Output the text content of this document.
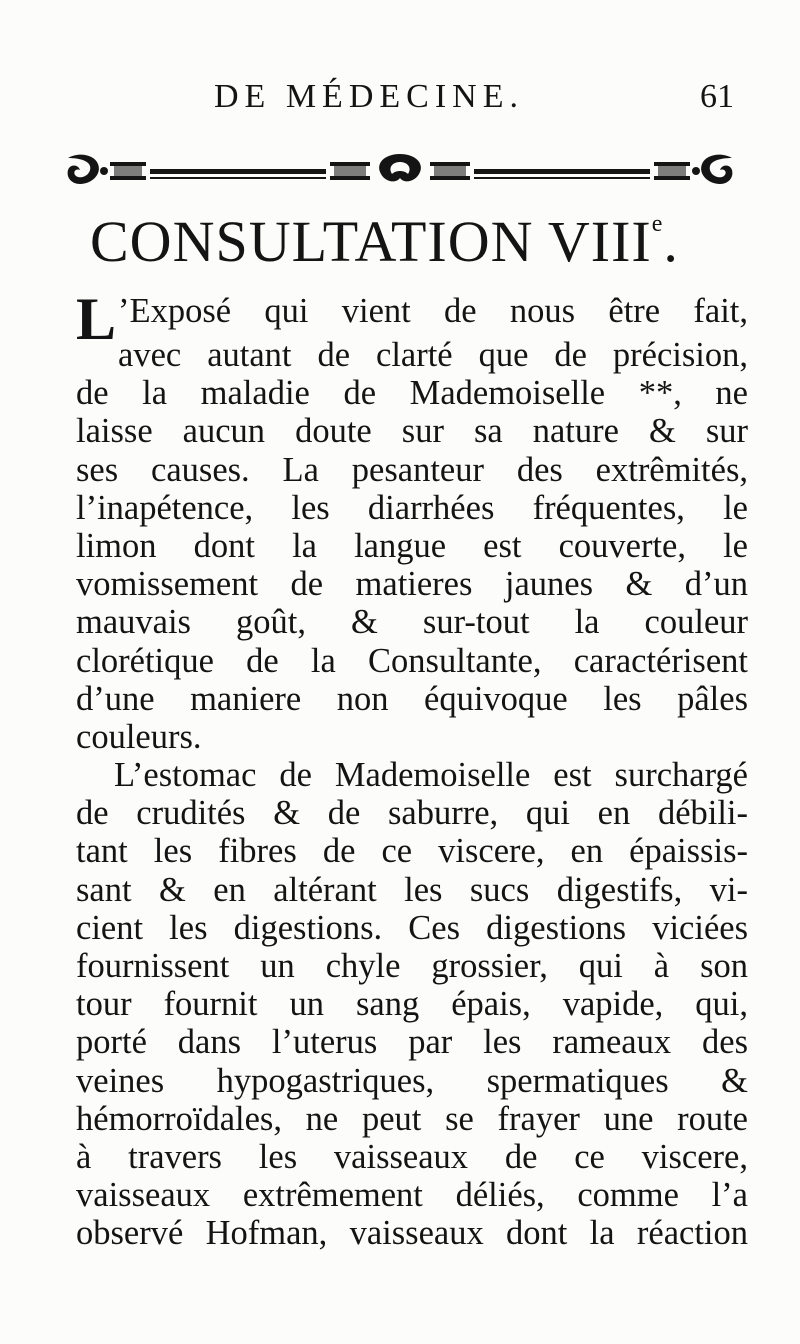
DE MÉDECINE.	61
CONSULTATION VIIIe.
L ’Exposé qui vient de nous être fait,
avec autant de clarté que de précision,
de la maladie de Mademoiselle **, ne
laisse aucun doute sur sa nature & sur
ses causes. La pesanteur des extrêmités,
l’inapétence, les diarrhées fréquentes, le
limon dont la langue est couverte, le
vomissement de matieres jaunes & d’un
mauvais goût, & sur-tout la couleur
clorétique de la Consultante, caractérisent
d’une maniere non équivoque les pâles
couleurs.
L’estomac de Mademoiselle est surchargé
de crudités & de saburre, qui en débili-
tant les fibres de ce viscere, en épaissis-
sant & en altérant les sucs digestifs, vi-
cient les digestions. Ces digestions viciées
fournissent un chyle grossier, qui à son
tour fournit un sang épais, vapide, qui,
porté dans l’uterus par les rameaux des
veines hypogastriques, spermatiques &
hémorroïdales, ne peut se frayer une route
à travers les vaisseaux de ce viscere,
vaisseaux extrêmement déliés, comme l’a
observé Hofman, vaisseaux dont la réaction
